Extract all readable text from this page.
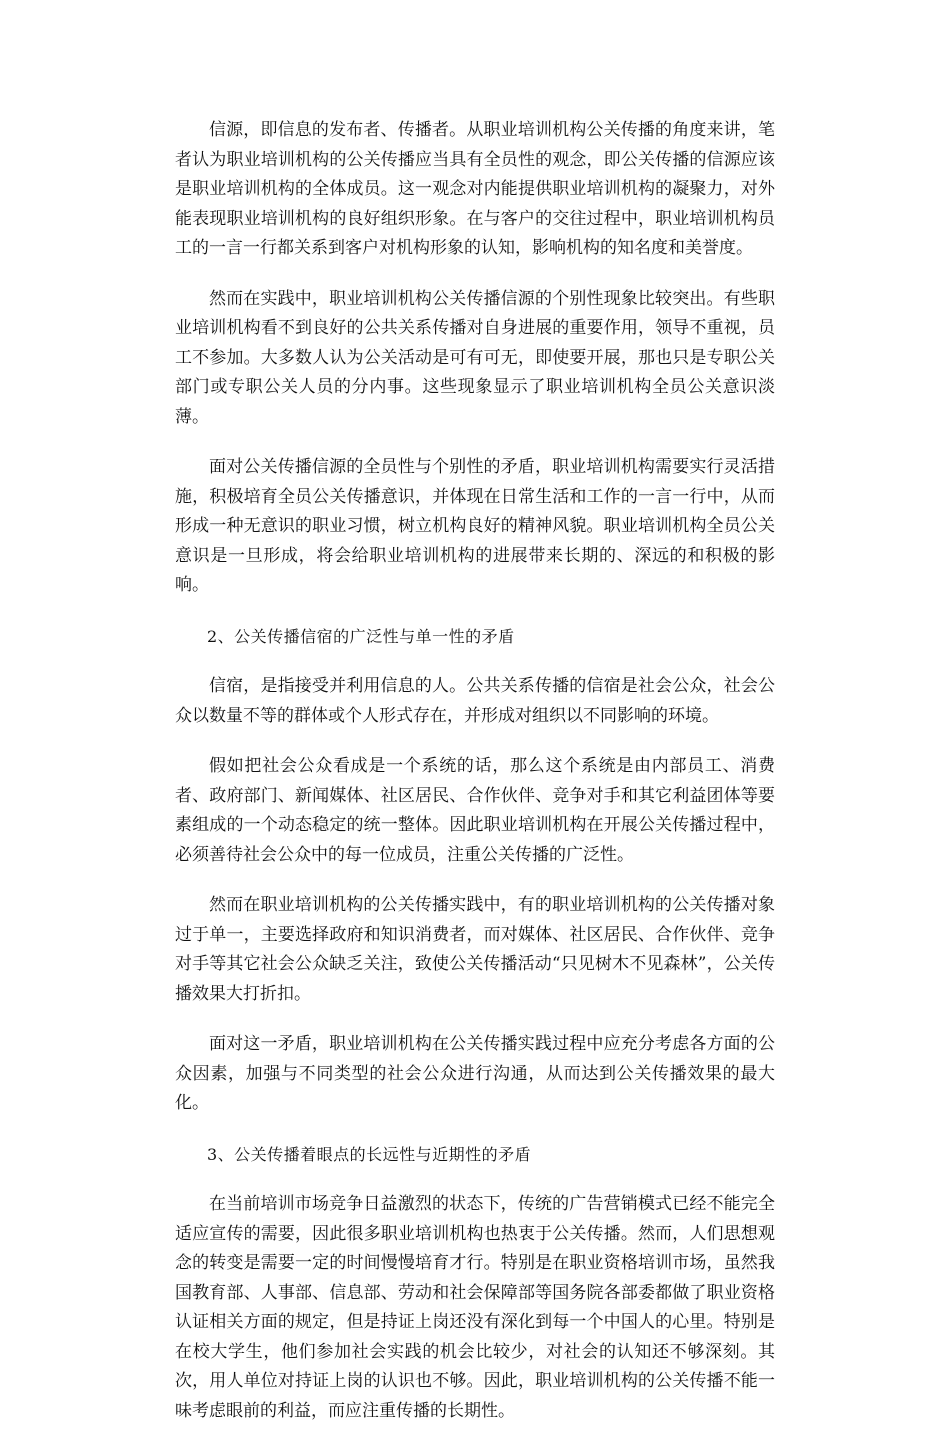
信源，即信息的发布者、传播者。从职业培训机构公关传播的角度来讲，笔者认为职业培训机构的公关传播应当具有全员性的观念，即公关传播的信源应该是职业培训机构的全体成员。这一观念对内能提供职业培训机构的凝聚力，对外能表现职业培训机构的良好组织形象。在与客户的交往过程中，职业培训机构员工的一言一行都关系到客户对机构形象的认知，影响机构的知名度和美誉度。

然而在实践中，职业培训机构公关传播信源的个别性现象比较突出。有些职业培训机构看不到良好的公共关系传播对自身进展的重要作用，领导不重视，员工不参加。大多数人认为公关活动是可有可无，即使要开展，那也只是专职公关部门或专职公关人员的分内事。这些现象显示了职业培训机构全员公关意识淡薄。

面对公关传播信源的全员性与个别性的矛盾，职业培训机构需要实行灵活措施，积极培育全员公关传播意识，并体现在日常生活和工作的一言一行中，从而形成一种无意识的职业习惯，树立机构良好的精神风貌。职业培训机构全员公关意识是一旦形成，将会给职业培训机构的进展带来长期的、深远的和积极的影响。

2、公关传播信宿的广泛性与单一性的矛盾

信宿，是指接受并利用信息的人。公共关系传播的信宿是社会公众，社会公众以数量不等的群体或个人形式存在，并形成对组织以不同影响的环境。

假如把社会公众看成是一个系统的话，那么这个系统是由内部员工、消费者、政府部门、新闻媒体、社区居民、合作伙伴、竞争对手和其它利益团体等要素组成的一个动态稳定的统一整体。因此职业培训机构在开展公关传播过程中，必须善待社会公众中的每一位成员，注重公关传播的广泛性。

然而在职业培训机构的公关传播实践中，有的职业培训机构的公关传播对象过于单一，主要选择政府和知识消费者，而对媒体、社区居民、合作伙伴、竞争对手等其它社会公众缺乏关注，致使公关传播活动“只见树木不见森林”，公关传播效果大打折扣。

面对这一矛盾，职业培训机构在公关传播实践过程中应充分考虑各方面的公众因素，加强与不同类型的社会公众进行沟通，从而达到公关传播效果的最大化。

3、公关传播着眼点的长远性与近期性的矛盾

在当前培训市场竞争日益激烈的状态下，传统的广告营销模式已经不能完全适应宣传的需要，因此很多职业培训机构也热衷于公关传播。然而，人们思想观念的转变是需要一定的时间慢慢培育才行。特别是在职业资格培训市场，虽然我国教育部、人事部、信息部、劳动和社会保障部等国务院各部委都做了职业资格认证相关方面的规定，但是持证上岗还没有深化到每一个中国人的心里。特别是在校大学生，他们参加社会实践的机会比较少，对社会的认知还不够深刻。其次，用人单位对持证上岗的认识也不够。因此，职业培训机构的公关传播不能一味考虑眼前的利益，而应注重传播的长期性。
